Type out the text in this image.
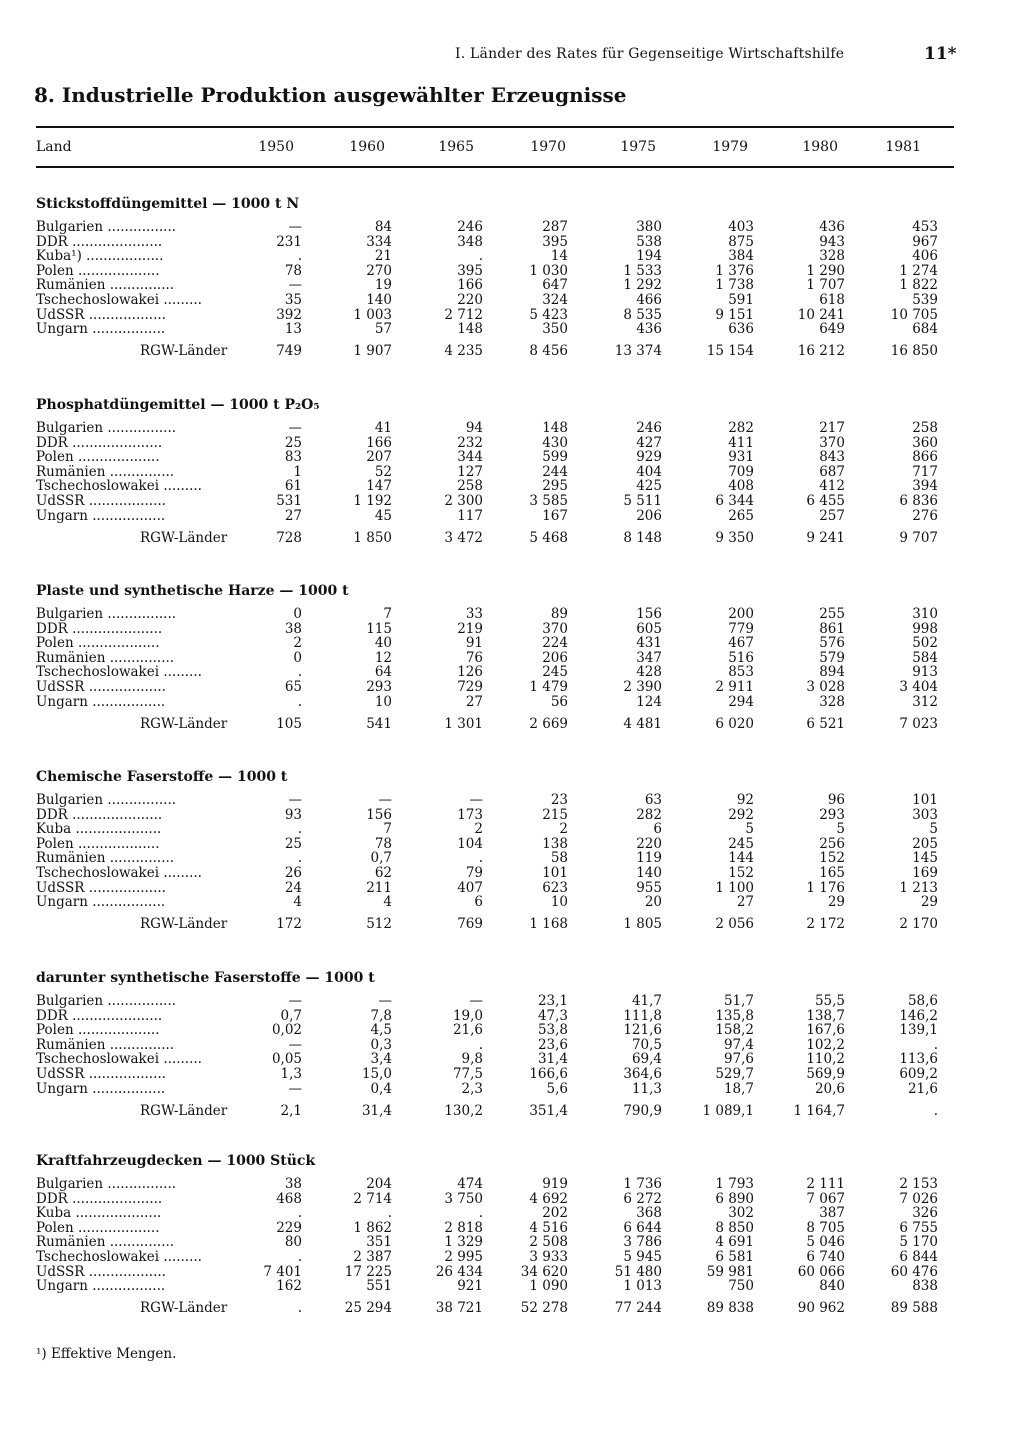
I. Länder des Rates für Gegenseitige Wirtschaftshilfe	11*
8. Industrielle Produktion ausgewählter Erzeugnisse
Land	1950	1960	1965	1970	1975	1979	1980	1981
Stickstoffdüngemittel — 1000 t N
Bulgarien ................	—	84	246	287	380	403	436	453
DDR .....................	231	334	348	395	538	875	943	967
Kuba¹) ..................	.	21	.	14	194	384	328	406
Polen ...................	78	270	395	1 030	1 533	1 376	1 290	1 274
Rumänien ...............	—	19	166	647	1 292	1 738	1 707	1 822
Tschechoslowakei .........	35	140	220	324	466	591	618	539
UdSSR ..................	392	1 003	2 712	5 423	8 535	9 151	10 241	10 705
Ungarn .................	13	57	148	350	436	636	649	684
RGW-Länder	749	1 907	4 235	8 456	13 374	15 154	16 212	16 850
Phosphatdüngemittel — 1000 t P₂O₅
Bulgarien ................	—	41	94	148	246	282	217	258
DDR .....................	25	166	232	430	427	411	370	360
Polen ...................	83	207	344	599	929	931	843	866
Rumänien ...............	1	52	127	244	404	709	687	717
Tschechoslowakei .........	61	147	258	295	425	408	412	394
UdSSR ..................	531	1 192	2 300	3 585	5 511	6 344	6 455	6 836
Ungarn .................	27	45	117	167	206	265	257	276
RGW-Länder	728	1 850	3 472	5 468	8 148	9 350	9 241	9 707
Plaste und synthetische Harze — 1000 t
Bulgarien ................	0	7	33	89	156	200	255	310
DDR .....................	38	115	219	370	605	779	861	998
Polen ...................	2	40	91	224	431	467	576	502
Rumänien ...............	0	12	76	206	347	516	579	584
Tschechoslowakei .........	.	64	126	245	428	853	894	913
UdSSR ..................	65	293	729	1 479	2 390	2 911	3 028	3 404
Ungarn .................	.	10	27	56	124	294	328	312
RGW-Länder	105	541	1 301	2 669	4 481	6 020	6 521	7 023
Chemische Faserstoffe — 1000 t
Bulgarien ................	—	—	—	23	63	92	96	101
DDR .....................	93	156	173	215	282	292	293	303
Kuba ....................	.	7	2	2	6	5	5	5
Polen ...................	25	78	104	138	220	245	256	205
Rumänien ...............	.	0,7	.	58	119	144	152	145
Tschechoslowakei .........	26	62	79	101	140	152	165	169
UdSSR ..................	24	211	407	623	955	1 100	1 176	1 213
Ungarn .................	4	4	6	10	20	27	29	29
RGW-Länder	172	512	769	1 168	1 805	2 056	2 172	2 170
darunter synthetische Faserstoffe — 1000 t
Bulgarien ................	—	—	—	23,1	41,7	51,7	55,5	58,6
DDR .....................	0,7	7,8	19,0	47,3	111,8	135,8	138,7	146,2
Polen ...................	0,02	4,5	21,6	53,8	121,6	158,2	167,6	139,1
Rumänien ...............	—	0,3	.	23,6	70,5	97,4	102,2	.
Tschechoslowakei .........	0,05	3,4	9,8	31,4	69,4	97,6	110,2	113,6
UdSSR ..................	1,3	15,0	77,5	166,6	364,6	529,7	569,9	609,2
Ungarn .................	—	0,4	2,3	5,6	11,3	18,7	20,6	21,6
RGW-Länder	2,1	31,4	130,2	351,4	790,9	1 089,1	1 164,7	.
Kraftfahrzeugdecken — 1000 Stück
Bulgarien ................	38	204	474	919	1 736	1 793	2 111	2 153
DDR .....................	468	2 714	3 750	4 692	6 272	6 890	7 067	7 026
Kuba ....................	.	.	.	202	368	302	387	326
Polen ...................	229	1 862	2 818	4 516	6 644	8 850	8 705	6 755
Rumänien ...............	80	351	1 329	2 508	3 786	4 691	5 046	5 170
Tschechoslowakei .........	.	2 387	2 995	3 933	5 945	6 581	6 740	6 844
UdSSR ..................	7 401	17 225	26 434	34 620	51 480	59 981	60 066	60 476
Ungarn .................	162	551	921	1 090	1 013	750	840	838
RGW-Länder	.	25 294	38 721	52 278	77 244	89 838	90 962	89 588
¹) Effektive Mengen.
